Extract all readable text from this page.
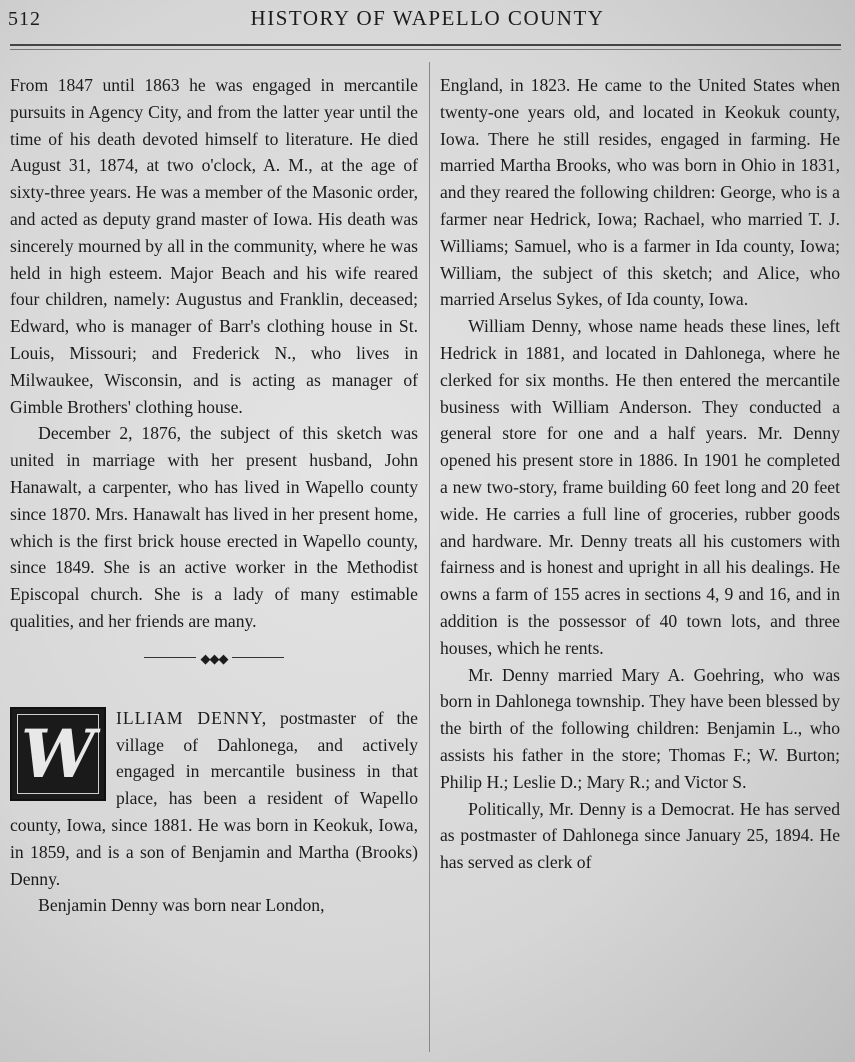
512	HISTORY OF WAPELLO COUNTY

From 1847 until 1863 he was engaged in mercantile pursuits in Agency City, and from the latter year until the time of his death devoted himself to literature. He died August 31, 1874, at two o'clock, A. M., at the age of sixty-three years. He was a member of the Masonic order, and acted as deputy grand master of Iowa. His death was sincerely mourned by all in the community, where he was held in high esteem. Major Beach and his wife reared four children, namely: Augustus and Franklin, deceased; Edward, who is manager of Barr's clothing house in St. Louis, Missouri; and Frederick N., who lives in Milwaukee, Wisconsin, and is acting as manager of Gimble Brothers' clothing house.

December 2, 1876, the subject of this sketch was united in marriage with her present husband, John Hanawalt, a carpenter, who has lived in Wapello county since 1870. Mrs. Hanawalt has lived in her present home, which is the first brick house erected in Wapello county, since 1849. She is an active worker in the Methodist Episcopal church. She is a lady of many estimable qualities, and her friends are many.

◆◆◆

W ILLIAM DENNY, postmaster of the village of Dahlonega, and actively engaged in mercantile business in that place, has been a resident of Wapello county, Iowa, since 1881. He was born in Keokuk, Iowa, in 1859, and is a son of Benjamin and Martha (Brooks) Denny.

Benjamin Denny was born near London,

England, in 1823. He came to the United States when twenty-one years old, and located in Keokuk county, Iowa. There he still resides, engaged in farming. He married Martha Brooks, who was born in Ohio in 1831, and they reared the following children: George, who is a farmer near Hedrick, Iowa; Rachael, who married T. J. Williams; Samuel, who is a farmer in Ida county, Iowa; William, the subject of this sketch; and Alice, who married Arselus Sykes, of Ida county, Iowa.

William Denny, whose name heads these lines, left Hedrick in 1881, and located in Dahlonega, where he clerked for six months. He then entered the mercantile business with William Anderson. They conducted a general store for one and a half years. Mr. Denny opened his present store in 1886. In 1901 he completed a new two-story, frame building 60 feet long and 20 feet wide. He carries a full line of groceries, rubber goods and hardware. Mr. Denny treats all his customers with fairness and is honest and upright in all his dealings. He owns a farm of 155 acres in sections 4, 9 and 16, and in addition is the possessor of 40 town lots, and three houses, which he rents.

Mr. Denny married Mary A. Goehring, who was born in Dahlonega township. They have been blessed by the birth of the following children: Benjamin L., who assists his father in the store; Thomas F.; W. Burton; Philip H.; Leslie D.; Mary R.; and Victor S.

Politically, Mr. Denny is a Democrat. He has served as postmaster of Dahlonega since January 25, 1894. He has served as clerk of
